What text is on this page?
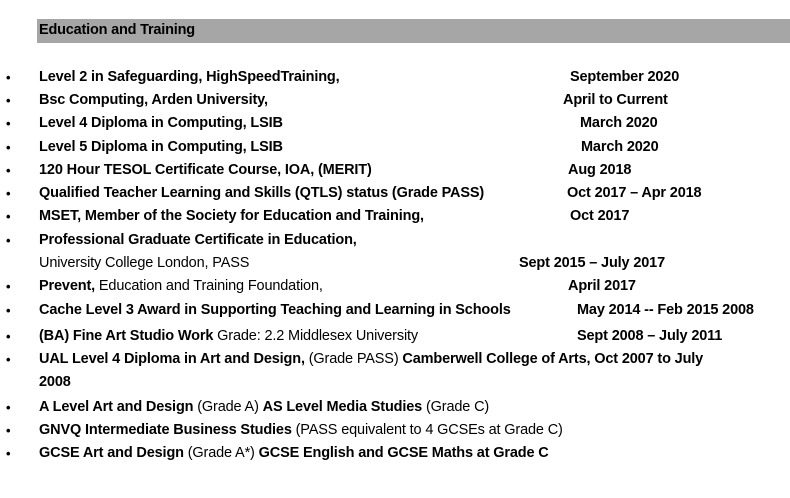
Education and Training
• Level 2 in Safeguarding, HighSpeedTraining,	September 2020
• Bsc Computing, Arden University,	April to Current
• Level 4 Diploma in Computing, LSIB	March 2020
• Level 5 Diploma in Computing, LSIB	March 2020
• 120 Hour TESOL Certificate Course, IOA, (MERIT)	Aug 2018
• Qualified Teacher Learning and Skills (QTLS) status (Grade PASS)	Oct 2017 – Apr 2018
• MSET, Member of the Society for Education and Training,	Oct 2017
• Professional Graduate Certificate in Education,
University College London, PASS	Sept 2015 – July 2017
• Prevent, Education and Training Foundation,	April 2017
• Cache Level 3 Award in Supporting Teaching and Learning in Schools	May 2014 -- Feb 2015 2008
• (BA) Fine Art Studio Work Grade: 2.2 Middlesex University	Sept 2008 – July 2011
• UAL Level 4 Diploma in Art and Design, (Grade PASS) Camberwell College of Arts, Oct 2007 to July
2008
• A Level Art and Design (Grade A) AS Level Media Studies (Grade C)
• GNVQ Intermediate Business Studies (PASS equivalent to 4 GCSEs at Grade C)
• GCSE Art and Design (Grade A*) GCSE English and GCSE Maths at Grade C
